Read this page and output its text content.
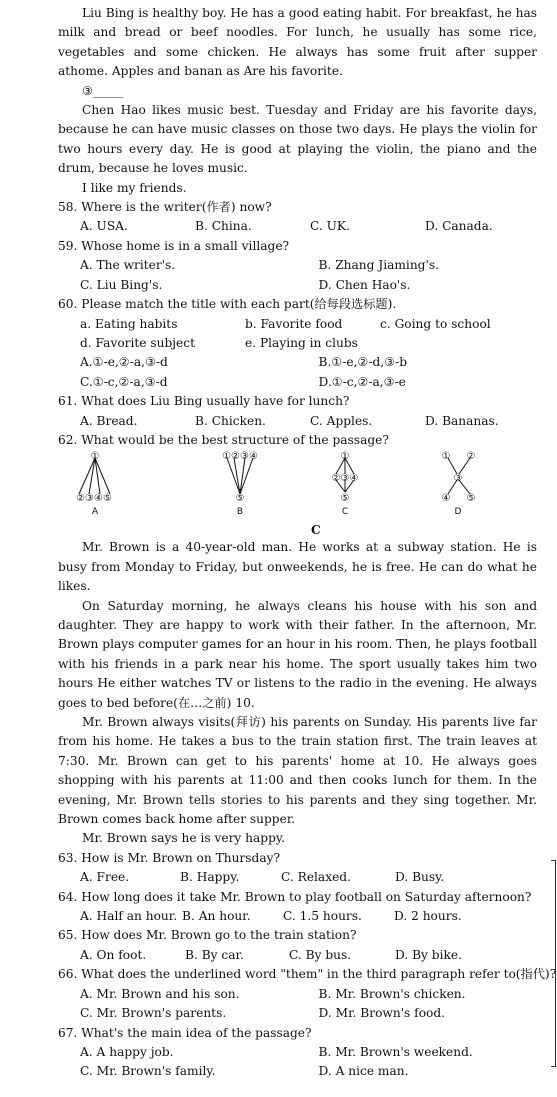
Liu Bing is healthy boy. He has a good eating habit. For breakfast, he has milk and bread or beef noodles. For lunch, he usually has some rice, vegetables and some chicken. He always has some fruit after supper athome. Apples and banan as Are his favorite.

③_____

Chen Hao likes music best. Tuesday and Friday are his favorite days, because he can have music classes on those two days. He plays the violin for two hours every day. He is good at playing the violin, the piano and the drum, because he loves music.

I like my friends.

58. Where is the writer(作者) now?

A. USA.	B. China.	C. UK.	D. Canada.

59. Whose home is in a small village?

A. The writer's.	B. Zhang Jiaming's.
C. Liu Bing's.	D. Chen Hao's.

60. Please match the title with each part(给每段选标题).

a. Eating habits	b. Favorite food	c. Going to school
d. Favorite subject	e. Playing in clubs
A.①-e,②-a,③-d	B.①-e,②-d,③-b
C.①-c,②-a,③-d	D.①-c,②-a,③-e

61. What does Liu Bing usually have for lunch?

A. Bread.	B. Chicken.	C. Apples.	D. Bananas.

62. What would be the best structure of the passage?

①
②③④⑤
①②③④
⑤
①
②③④
⑤
① ②
③
④ ⑤
A	B	C	D

C

Mr. Brown is a 40-year-old man. He works at a subway station. He is busy from Monday to Friday, but onweekends, he is free. He can do what he likes.

On Saturday morning, he always cleans his house with his son and daughter. They are happy to work with their father. In the afternoon, Mr. Brown plays computer games for an hour in his room. Then, he plays football with his friends in a park near his home. The sport usually takes him two hours He either watches TV or listens to the radio in the evening. He always goes to bed before(在…之前) 10.

Mr. Brown always visits(拜访) his parents on Sunday. His parents live far from his home. He takes a bus to the train station first. The train leaves at 7:30. Mr. Brown can get to his parents' home at 10. He always goes shopping with his parents at 11:00 and then cooks lunch for them. In the evening, Mr. Brown tells stories to his parents and they sing together. Mr. Brown comes back home after supper.

Mr. Brown says he is very happy.

63. How is Mr. Brown on Thursday?

A. Free.	B. Happy.	C. Relaxed.	D. Busy.

64. How long does it take Mr. Brown to play football on Saturday afternoon?

A. Half an hour. B. An hour.	C. 1.5 hours.	D. 2 hours.

65. How does Mr. Brown go to the train station?

A. On foot.	B. By car.	C. By bus.	D. By bike.

66. What does the underlined word "them" in the third paragraph refer to(指代)?

A. Mr. Brown and his son.	B. Mr. Brown's chicken.
C. Mr. Brown's parents.	D. Mr. Brown's food.

67. What's the main idea of the passage?

A. A happy job.	B. Mr. Brown's weekend.
C. Mr. Brown's family.	D. A nice man.
